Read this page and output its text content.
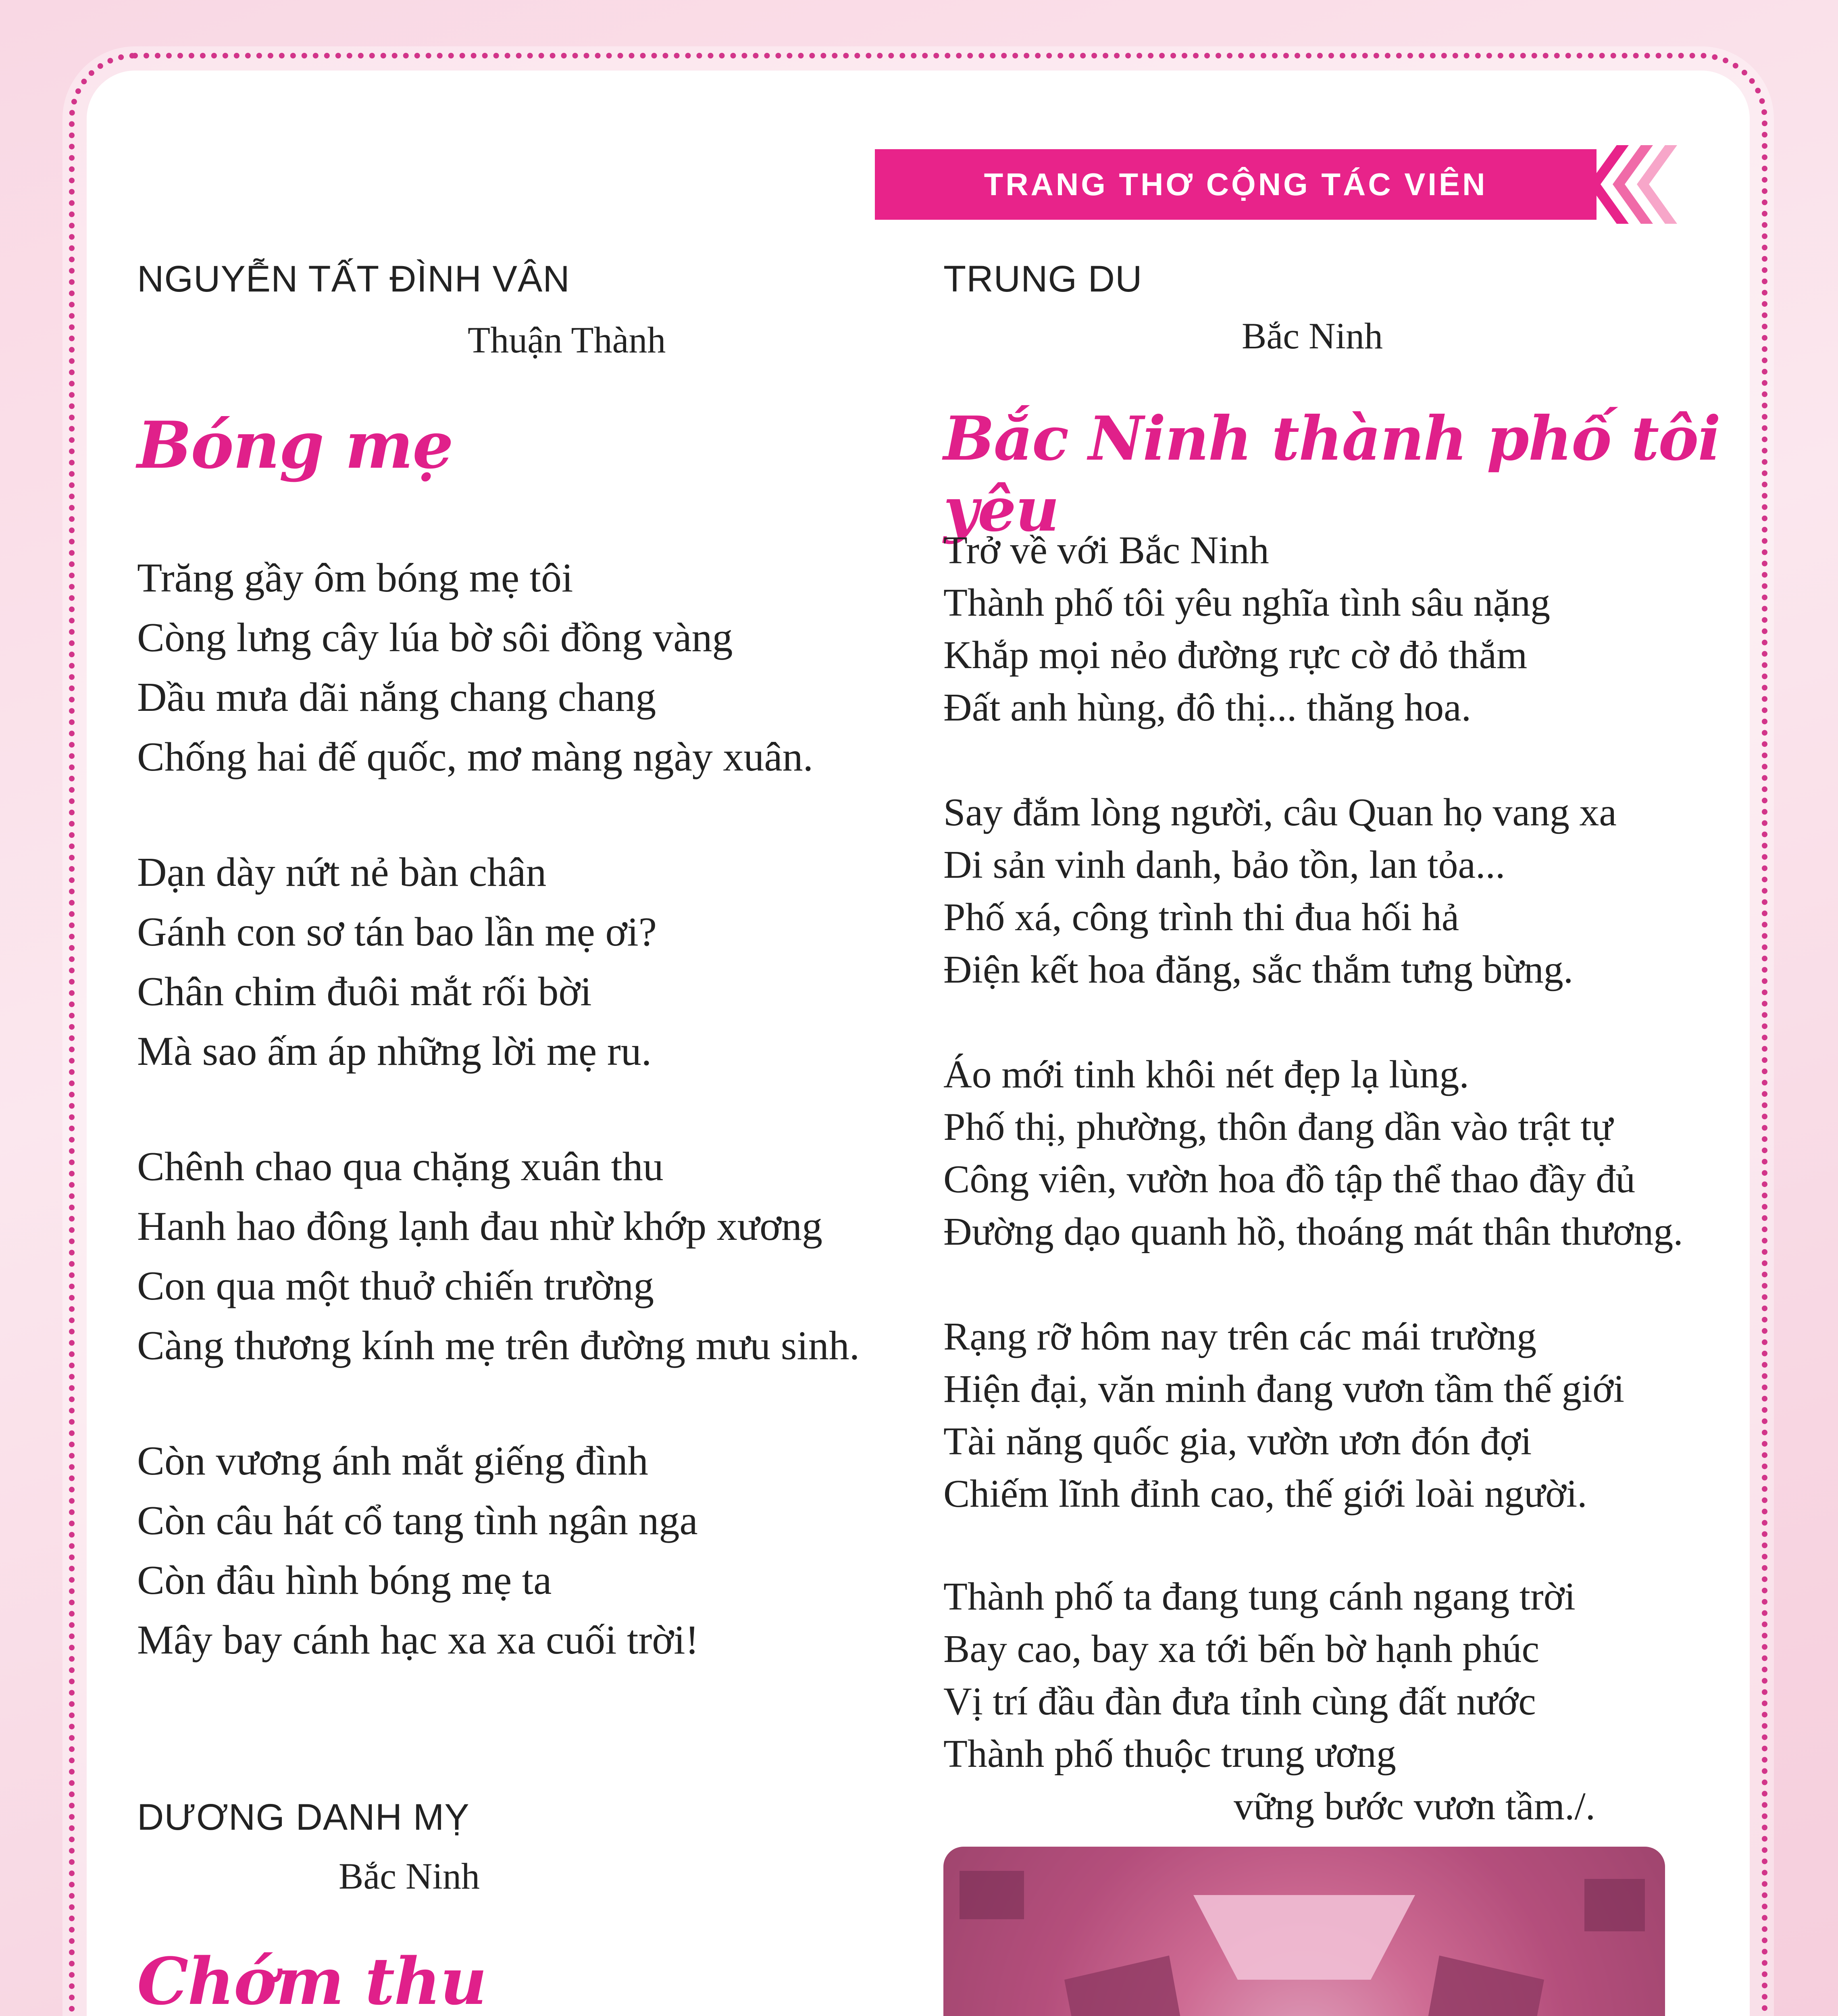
TRANG THƠ CỘNG TÁC VIÊN
NGUYỄN TẤT ĐÌNH VÂN
Thuận Thành
Bóng mẹ
Trăng gầy ôm bóng mẹ tôi
Còng lưng cây lúa bờ sôi đồng vàng
Dầu mưa dãi nắng chang chang
Chống hai đế quốc, mơ màng ngày xuân.
Dạn dày nứt nẻ bàn chân
Gánh con sơ tán bao lần mẹ ơi?
Chân chim đuôi mắt rối bời
Mà sao ấm áp những lời mẹ ru.
Chênh chao qua chặng xuân thu
Hanh hao đông lạnh đau nhừ khớp xương
Con qua một thuở chiến trường
Càng thương kính mẹ trên đường mưu sinh.
Còn vương ánh mắt giếng đình
Còn câu hát cổ tang tình ngân nga
Còn đâu hình bóng mẹ ta
Mây bay cánh hạc xa xa cuối trời!
DƯƠNG DANH MỴ
Bắc Ninh
Chớm thu
TRUNG DU
Bắc Ninh
Bắc Ninh thành phố tôi yêu
Trở về với Bắc Ninh
Thành phố tôi yêu nghĩa tình sâu nặng
Khắp mọi nẻo đường rực cờ đỏ thắm
Đất anh hùng, đô thị... thăng hoa.
Say đắm lòng người, câu Quan họ vang xa
Di sản vinh danh, bảo tồn, lan tỏa...
Phố xá, công trình thi đua hối hả
Điện kết hoa đăng, sắc thắm tưng bừng.
Áo mới tinh khôi nét đẹp lạ lùng.
Phố thị, phường, thôn đang dần vào trật tự
Công viên, vườn hoa đồ tập thể thao đầy đủ
Đường dạo quanh hồ, thoáng mát thân thương.
Rạng rỡ hôm nay trên các mái trường
Hiện đại, văn minh đang vươn tầm thế giới
Tài năng quốc gia, vườn ươn đón đợi
Chiếm lĩnh đỉnh cao, thế giới loài người.
Thành phố ta đang tung cánh ngang trời
Bay cao, bay xa tới bến bờ hạnh phúc
Vị trí đầu đàn đưa tỉnh cùng đất nước
Thành phố thuộc trung ương
vững bước vươn tầm./.
